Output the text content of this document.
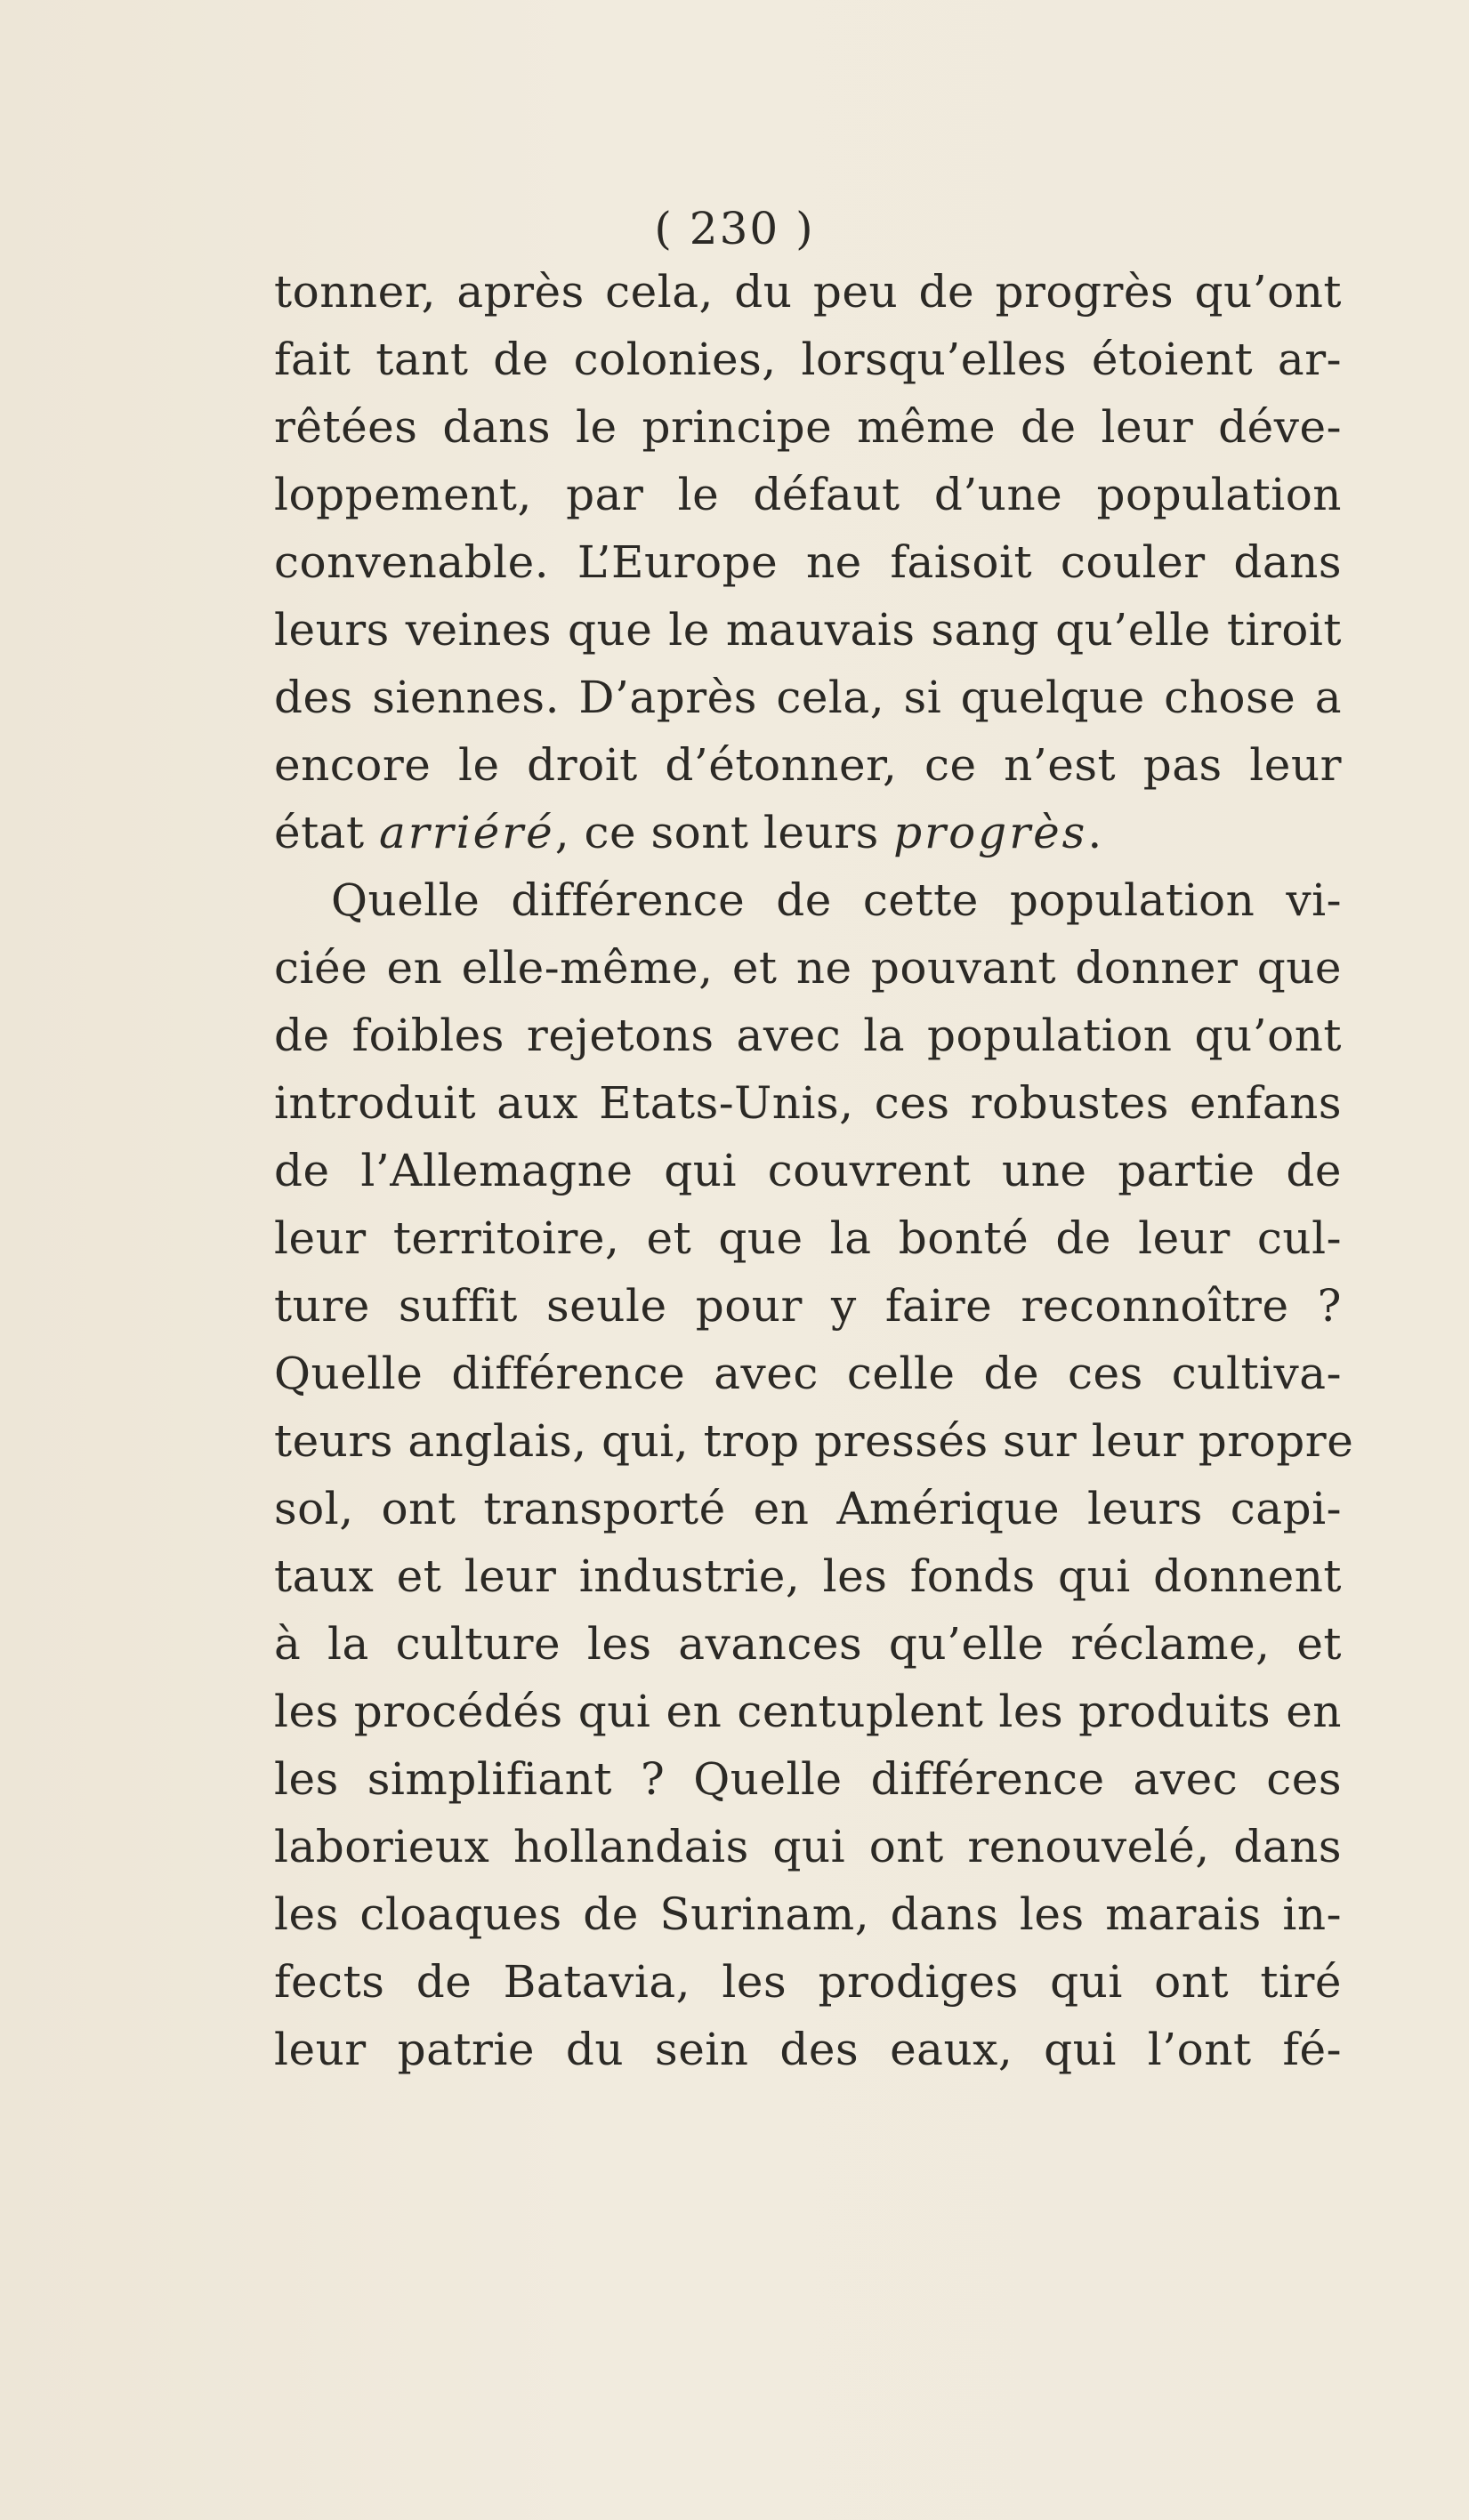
( 230 )
tonner, après cela, du peu de progrès qu’ont
fait tant de colonies, lorsqu’elles étoient ar-
rêtées dans le principe même de leur déve-
loppement, par le défaut d’une population
convenable. L’Europe ne faisoit couler dans
leurs veines que le mauvais sang qu’elle tiroit
des siennes. D’après cela, si quelque chose a
encore le droit d’étonner, ce n’est pas leur
état arriéré, ce sont leurs progrès.
Quelle différence de cette population vi-
ciée en elle-même, et ne pouvant donner que
de foibles rejetons avec la population qu’ont
introduit aux Etats-Unis, ces robustes enfans
de l’Allemagne qui couvrent une partie de
leur territoire, et que la bonté de leur cul-
ture suffit seule pour y faire reconnoître ?
Quelle différence avec celle de ces cultiva-
teurs anglais, qui, trop pressés sur leur propre
sol, ont transporté en Amérique leurs capi-
taux et leur industrie, les fonds qui donnent
à la culture les avances qu’elle réclame, et
les procédés qui en centuplent les produits en
les simplifiant ? Quelle différence avec ces
laborieux hollandais qui ont renouvelé, dans
les cloaques de Surinam, dans les marais in-
fects de Batavia, les prodiges qui ont tiré
leur patrie du sein des eaux, qui l’ont fé-
